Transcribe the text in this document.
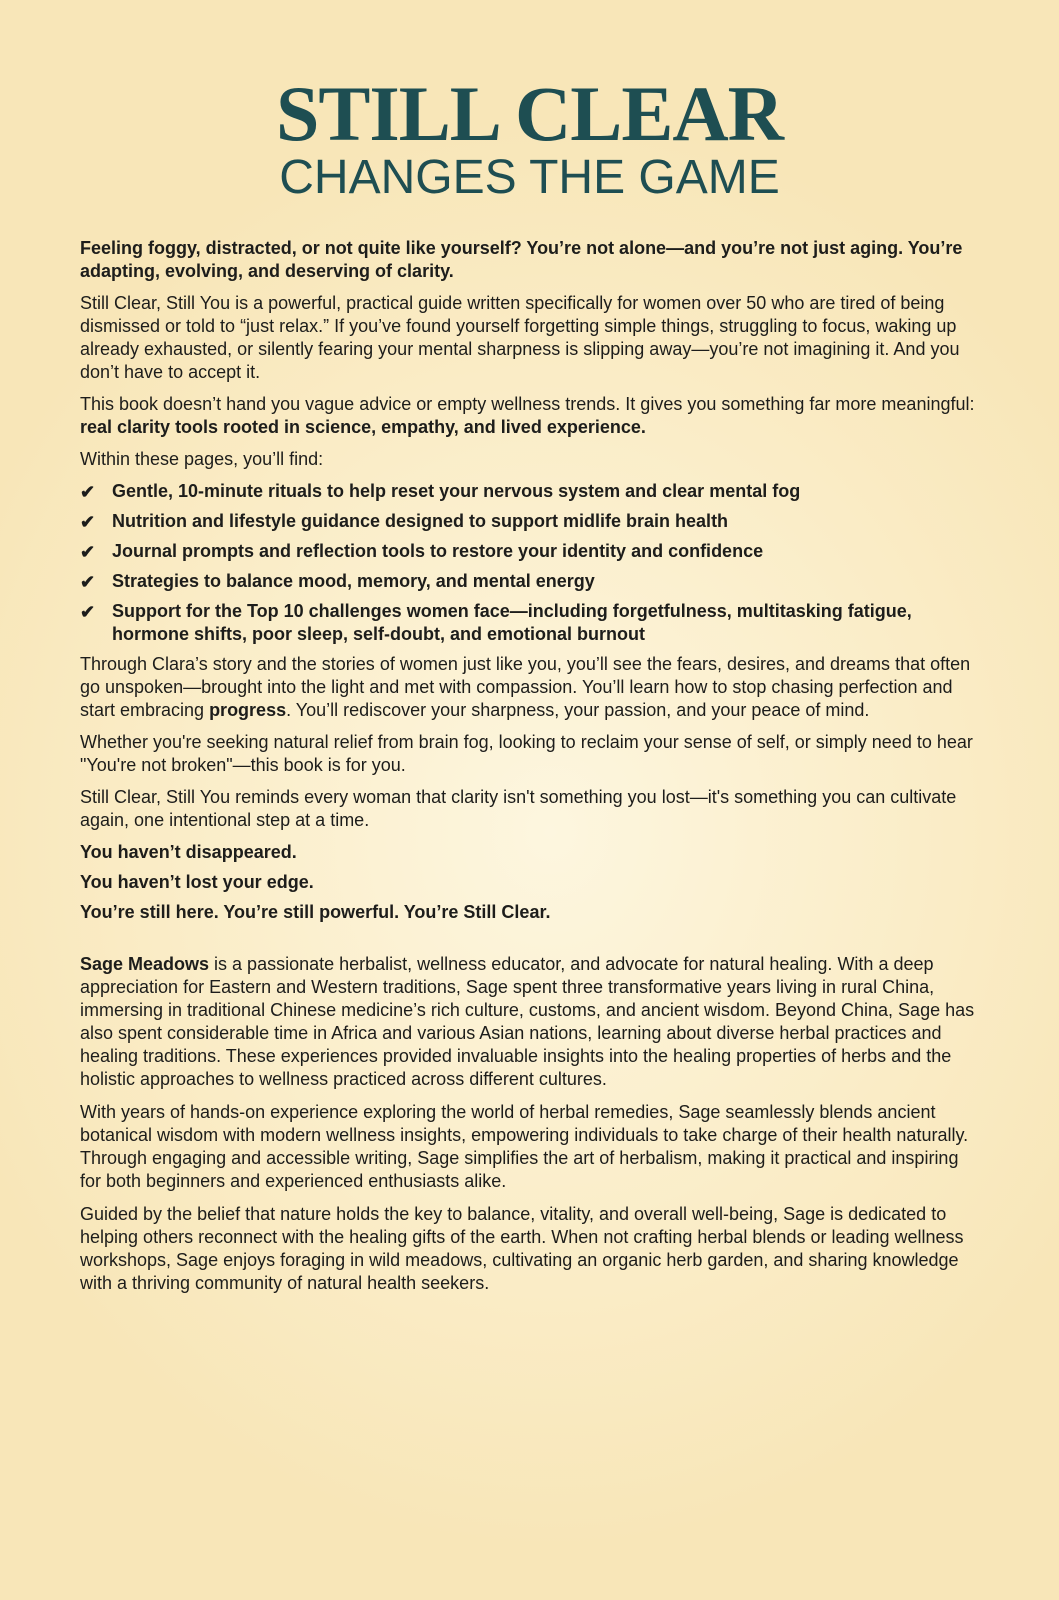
STILL CLEAR
CHANGES THE GAME

Feeling foggy, distracted, or not quite like yourself? You’re not alone—and you’re not just aging. You’re adapting, evolving, and deserving of clarity.

Still Clear, Still You is a powerful, practical guide written specifically for women over 50 who are tired of being dismissed or told to “just relax.” If you’ve found yourself forgetting simple things, struggling to focus, waking up already exhausted, or silently fearing your mental sharpness is slipping away—you’re not imagining it. And you don’t have to accept it.

This book doesn’t hand you vague advice or empty wellness trends. It gives you something far more meaningful: real clarity tools rooted in science, empathy, and lived experience.

Within these pages, you’ll find:

✔ Gentle, 10-minute rituals to help reset your nervous system and clear mental fog
✔ Nutrition and lifestyle guidance designed to support midlife brain health
✔ Journal prompts and reflection tools to restore your identity and confidence
✔ Strategies to balance mood, memory, and mental energy
✔ Support for the Top 10 challenges women face—including forgetfulness, multitasking fatigue, hormone shifts, poor sleep, self-doubt, and emotional burnout

Through Clara’s story and the stories of women just like you, you’ll see the fears, desires, and dreams that often go unspoken—brought into the light and met with compassion. You’ll learn how to stop chasing perfection and start embracing progress. You’ll rediscover your sharpness, your passion, and your peace of mind.

Whether you're seeking natural relief from brain fog, looking to reclaim your sense of self, or simply need to hear "You're not broken"—this book is for you.

Still Clear, Still You reminds every woman that clarity isn't something you lost—it's something you can cultivate again, one intentional step at a time.

You haven’t disappeared.

You haven’t lost your edge.

You’re still here. You’re still powerful. You’re Still Clear.

Sage Meadows is a passionate herbalist, wellness educator, and advocate for natural healing. With a deep appreciation for Eastern and Western traditions, Sage spent three transformative years living in rural China, immersing in traditional Chinese medicine’s rich culture, customs, and ancient wisdom. Beyond China, Sage has also spent considerable time in Africa and various Asian nations, learning about diverse herbal practices and healing traditions. These experiences provided invaluable insights into the healing properties of herbs and the holistic approaches to wellness practiced across different cultures.

With years of hands-on experience exploring the world of herbal remedies, Sage seamlessly blends ancient botanical wisdom with modern wellness insights, empowering individuals to take charge of their health naturally. Through engaging and accessible writing, Sage simplifies the art of herbalism, making it practical and inspiring for both beginners and experienced enthusiasts alike.

Guided by the belief that nature holds the key to balance, vitality, and overall well-being, Sage is dedicated to helping others reconnect with the healing gifts of the earth. When not crafting herbal blends or leading wellness workshops, Sage enjoys foraging in wild meadows, cultivating an organic herb garden, and sharing knowledge with a thriving community of natural health seekers.
